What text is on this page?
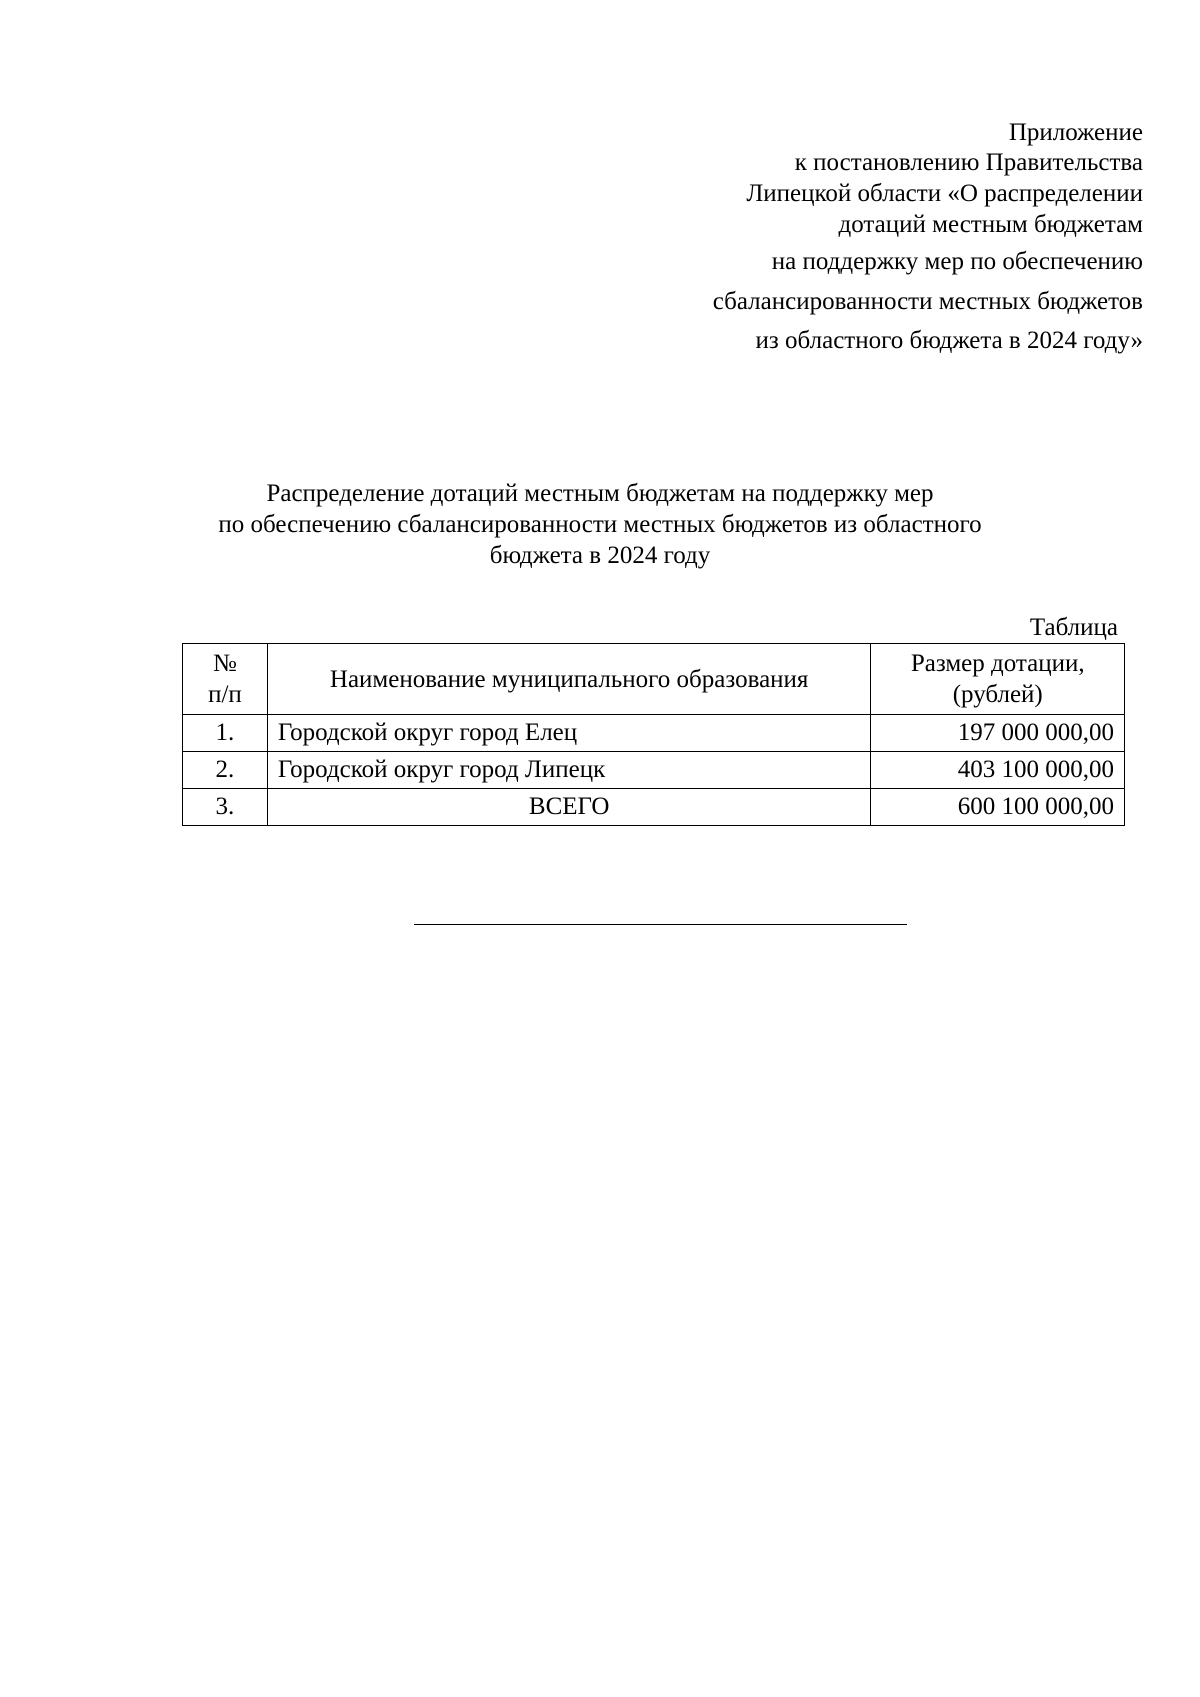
Приложение
к постановлению Правительства
Липецкой области «О распределении
дотаций местным бюджетам
на поддержку мер по обеспечению
сбалансированности местных бюджетов
из областного бюджета в 2024 году»
Распределение дотаций местным бюджетам на поддержку мер
по обеспечению сбалансированности местных бюджетов из областного
бюджета в 2024 году
Таблица
№
п/п	Наименование муниципального образования	Размер дотации,
(рублей)
1.	Городской округ город Елец	197 000 000,00
2.	Городской округ город Липецк	403 100 000,00
3.	ВСЕГО	600 100 000,00
